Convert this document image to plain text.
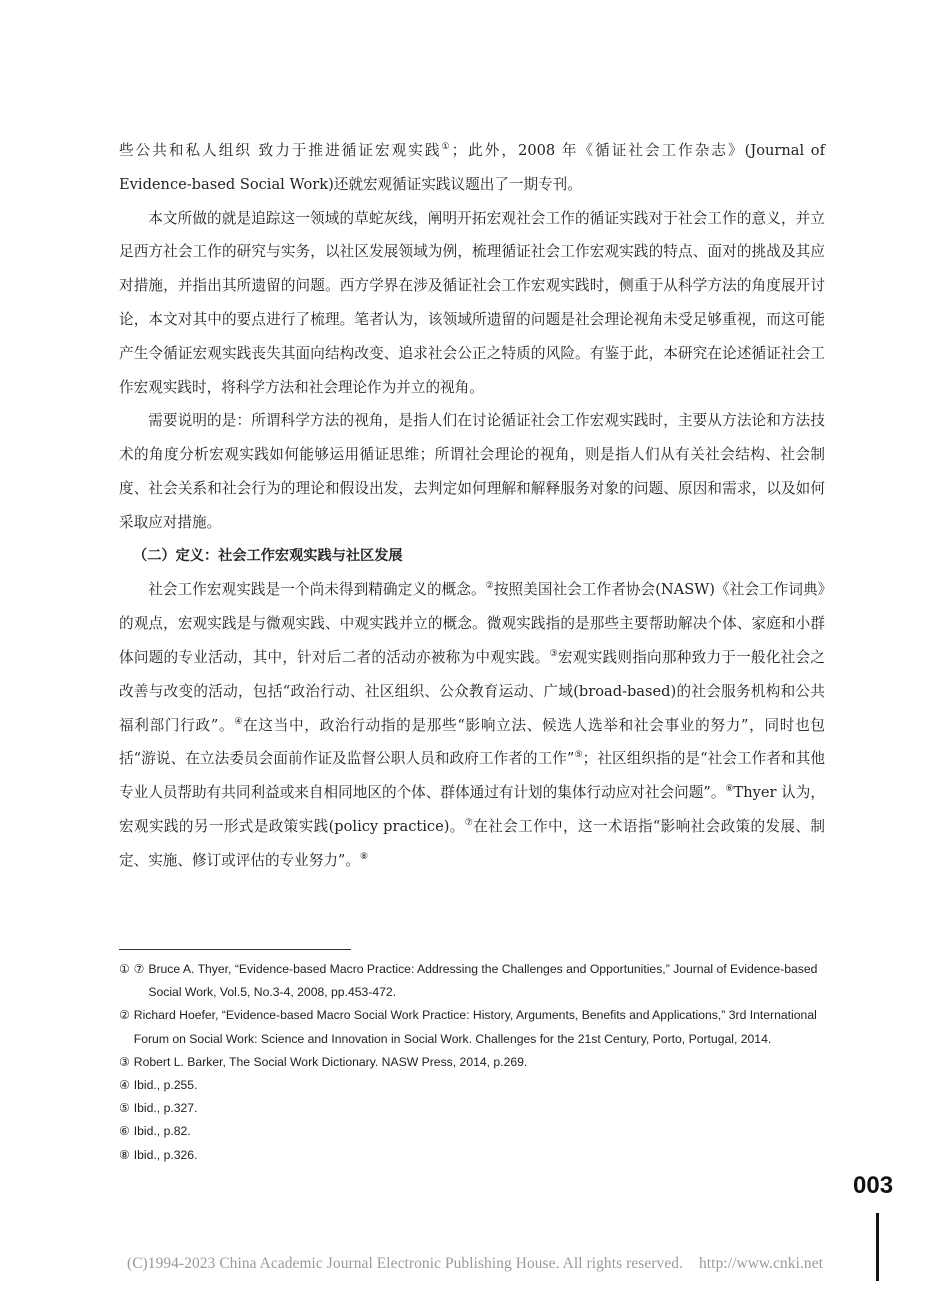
些公共和私人组织 致力于推进循证宏观实践①；此外，2008 年《循证社会工作杂志》(Journal of Evidence-based Social Work)还就宏观循证实践议题出了一期专刊。

本文所做的就是追踪这一领域的草蛇灰线，阐明开拓宏观社会工作的循证实践对于社会工作的意义，并立足西方社会工作的研究与实务，以社区发展领域为例，梳理循证社会工作宏观实践的特点、面对的挑战及其应对措施，并指出其所遗留的问题。西方学界在涉及循证社会工作宏观实践时，侧重于从科学方法的角度展开讨论，本文对其中的要点进行了梳理。笔者认为，该领域所遗留的问题是社会理论视角未受足够重视，而这可能产生令循证宏观实践丧失其面向结构改变、追求社会公正之特质的风险。有鉴于此，本研究在论述循证社会工作宏观实践时，将科学方法和社会理论作为并立的视角。

需要说明的是：所谓科学方法的视角，是指人们在讨论循证社会工作宏观实践时，主要从方法论和方法技术的角度分析宏观实践如何能够运用循证思维；所谓社会理论的视角，则是指人们从有关社会结构、社会制度、社会关系和社会行为的理论和假设出发，去判定如何理解和解释服务对象的问题、原因和需求，以及如何采取应对措施。

（二）定义：社会工作宏观实践与社区发展

社会工作宏观实践是一个尚未得到精确定义的概念。②按照美国社会工作者协会(NASW)《社会工作词典》的观点，宏观实践是与微观实践、中观实践并立的概念。微观实践指的是那些主要帮助解决个体、家庭和小群体问题的专业活动，其中，针对后二者的活动亦被称为中观实践。③宏观实践则指向那种致力于一般化社会之改善与改变的活动，包括“政治行动、社区组织、公众教育运动、广域(broad-based)的社会服务机构和公共福利部门行政”。④在这当中，政治行动指的是那些“影响立法、候选人选举和社会事业的努力”，同时也包括“游说、在立法委员会面前作证及监督公职人员和政府工作者的工作”⑤；社区组织指的是“社会工作者和其他专业人员帮助有共同利益或来自相同地区的个体、群体通过有计划的集体行动应对社会问题”。⑥Thyer 认为，宏观实践的另一形式是政策实践(policy practice)。⑦在社会工作中，这一术语指“影响社会政策的发展、制定、实施、修订或评估的专业努力”。⑧

① ⑦ Bruce A. Thyer, “Evidence-based Macro Practice: Addressing the Challenges and Opportunities,” Journal of Evidence-based Social Work, Vol.5, No.3-4, 2008, pp.453-472.
② Richard Hoefer, “Evidence-based Macro Social Work Practice: History, Arguments, Benefits and Applications,” 3rd International Forum on Social Work: Science and Innovation in Social Work. Challenges for the 21st Century, Porto, Portugal, 2014.
③ Robert L. Barker, The Social Work Dictionary. NASW Press, 2014, p.269.
④ Ibid., p.255.
⑤ Ibid., p.327.
⑥ Ibid., p.82.
⑧ Ibid., p.326.
003
(C)1994-2023 China Academic Journal Electronic Publishing House. All rights reserved. http://www.cnki.net
